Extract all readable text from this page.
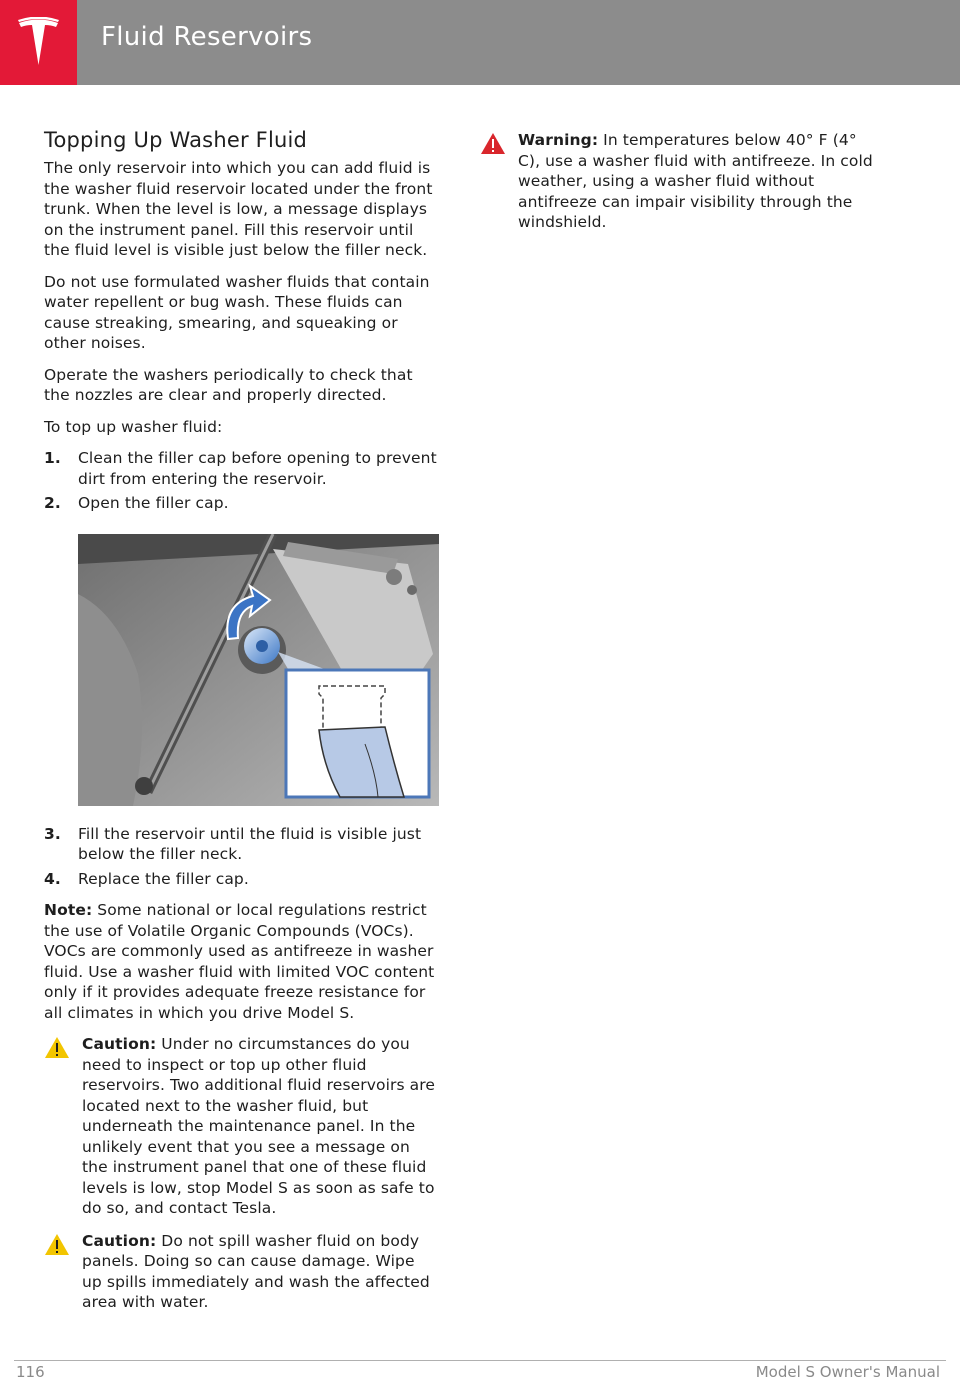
Fluid Reservoirs
Topping Up Washer Fluid

The only reservoir into which you can add fluid is the washer fluid reservoir located under the front trunk. When the level is low, a message displays on the instrument panel. Fill this reservoir until the fluid level is visible just below the filler neck.

Do not use formulated washer fluids that contain water repellent or bug wash. These fluids can cause streaking, smearing, and squeaking or other noises.

Operate the washers periodically to check that the nozzles are clear and properly directed.

To top up washer fluid:

1. Clean the filler cap before opening to prevent dirt from entering the reservoir.
2. Open the filler cap.
3. Fill the reservoir until the fluid is visible just below the filler neck.
4. Replace the filler cap.

Note: Some national or local regulations restrict the use of Volatile Organic Compounds (VOCs). VOCs are commonly used as antifreeze in washer fluid. Use a washer fluid with limited VOC content only if it provides adequate freeze resistance for all climates in which you drive Model S.

Caution: Under no circumstances do you need to inspect or top up other fluid reservoirs. Two additional fluid reservoirs are located next to the washer fluid, but underneath the maintenance panel. In the unlikely event that you see a message on the instrument panel that one of these fluid levels is low, stop Model S as soon as safe to do so, and contact Tesla.
Caution: Do not spill washer fluid on body panels. Doing so can cause damage. Wipe up spills immediately and wash the affected area with water.
Warning: In temperatures below 40° F (4° C), use a washer fluid with antifreeze. In cold weather, using a washer fluid without antifreeze can impair visibility through the windshield.
116	Model S Owner's Manual
